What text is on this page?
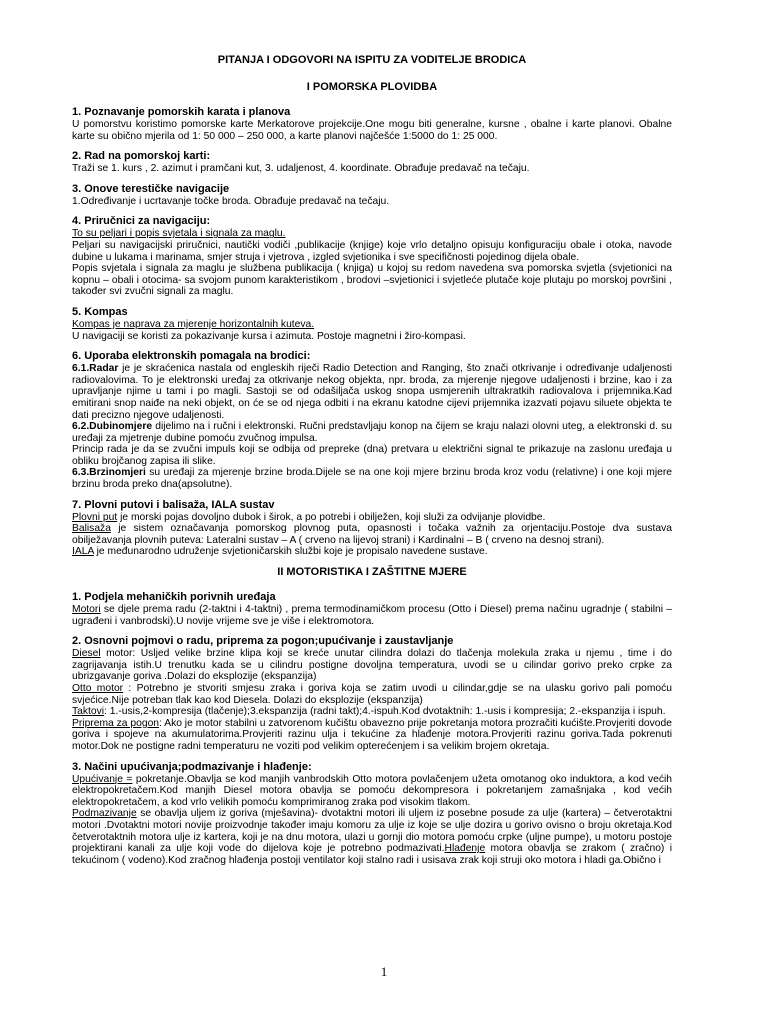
PITANJA I ODGOVORI NA ISPITU ZA VODITELJE BRODICA
I POMORSKA PLOVIDBA
1. Poznavanje pomorskih karata i planova

U pomorstvu koristimo pomorske karte Merkatorove projekcije.One mogu biti generalne, kursne , obalne i karte planovi. Obalne karte su obično mjerila od 1: 50 000 – 250 000, a karte planovi najčešće 1:5000 do 1: 25 000.

2. Rad na pomorskoj karti:

Traži se 1. kurs , 2. azimut i pramčani kut, 3. udaljenost, 4. koordinate. Obrađuje predavač na tečaju.

3. Onove terestičke navigacije

1.Određivanje i ucrtavanje točke broda. Obrađuje predavač na tečaju.

4. Priručnici za navigaciju:

To su peljari i popis svjetala i signala za maglu.

Peljari su navigacijski priručnici, nautički vodiči ,publikacije (knjige) koje vrlo detaljno opisuju konfiguraciju obale i otoka, navode dubine u lukama i marinama, smjer struja i vjetrova , izgled svjetionika i sve specifičnosti pojedinog dijela obale.

Popis svjetala i signala za maglu je službena publikacija ( knjiga) u kojoj su redom navedena sva pomorska svjetla (svjetionici na kopnu – obali i otocima- sa svojom punom karakteristikom , brodovi –svjetionici i svjetleće plutače koje plutaju po morskoj površini , također svi zvučni signali za maglu.

5. Kompas

Kompas je naprava za mjerenje horizontalnih kuteva.

U navigaciji se koristi za pokazivanje kursa i azimuta. Postoje magnetni i žiro-kompasi.

6. Uporaba elektronskih pomagala na brodici:

6.1.Radar je je skraćenica nastala od engleskih riječi Radio Detection and Ranging, što znači otkrivanje i određivanje udaljenosti radiovalovima. To je elektronski uređaj za otkrivanje nekog objekta, npr. broda, za mjerenje njegove udaljenosti i brzine, kao i za upravljanje njime u tami i po magli. Sastoji se od odašiljača uskog snopa usmjerenih ultrakratkih radiovalova i prijemnika.Kad emitirani snop naiđe na neki objekt, on će se od njega odbiti i na ekranu katodne cijevi prijemnika izazvati pojavu siluete objekta te dati precizno njegove udaljenosti.

6.2.Dubinomjere dijelimo na i ručni i elektronski. Ručni predstavljaju konop na čijem se kraju nalazi olovni uteg, a elektronski d. su uređaji za mjetrenje dubine pomoću zvučnog impulsa.

Princip rada je da se zvučni impuls koji se odbija od prepreke (dna) pretvara u električni signal te prikazuje na zaslonu uređaja u obliku brojčanog zapisa ili slike.

6.3.Brzinomjeri su uređaji za mjerenje brzine broda.Dijele se na one koji mjere brzinu broda kroz vodu (relativne) i one koji mjere brzinu broda preko dna(apsolutne).

7. Plovni putovi i balisaža, IALA sustav

Plovni put je morski pojas dovoljno dubok i širok, a po potrebi i obilježen, koji služi za odvijanje plovidbe.

Balisaža je sistem označavanja pomorskog plovnog puta, opasnosti i točaka važnih za orjentaciju.Postoje dva sustava obilježavanja plovnih puteva: Lateralni sustav – A ( crveno na lijevoj strani) i Kardinalni – B ( crveno na desnoj strani).

IALA je međunarodno udruženje svjetioničarskih službi koje je propisalo navedene sustave.

II MOTORISTIKA I ZAŠTITNE MJERE
1. Podjela mehaničkih porivnih uređaja

Motori se djele prema radu (2-taktni i 4-taktni) , prema termodinamičkom procesu (Otto i Diesel) prema načinu ugradnje ( stabilni – ugrađeni i vanbrodski).U novije vrijeme sve je više i elektromotora.

2. Osnovni pojmovi o radu, priprema za pogon;upućivanje i zaustavljanje

Diesel motor: Usljed velike brzine klipa koji se kreće unutar cilindra dolazi do tlačenja molekula zraka u njemu , time i do zagrijavanja istih.U trenutku kada se u cilindru postigne dovoljna temperatura, uvodi se u cilindar gorivo preko crpke za ubrizgavanje goriva .Dolazi do eksplozije (ekspanzija)

Otto motor : Potrebno je stvoriti smjesu zraka i goriva koja se zatim uvodi u cilindar,gdje se na ulasku gorivo pali pomoću svjećice.Nije potreban tlak kao kod Diesela. Dolazi do eksplozije (ekspanzija)

Taktovi: 1.-usis,2-kompresija (tlačenje);3.ekspanzija (radni takt);4.-ispuh.Kod dvotaktnih: 1.-usis i kompresija; 2.-ekspanzija i ispuh.

Priprema za pogon: Ako je motor stabilni u zatvorenom kučištu obavezno prije pokretanja motora prozračiti kućište.Provjeriti dovode goriva i spojeve na akumulatorima.Provjeriti razinu ulja i tekućine za hlađenje motora.Provjeriti razinu goriva.Tada pokrenuti motor.Dok ne postigne radni temperaturu ne voziti pod velikim opterećenjem i sa velikim brojem okretaja.

3. Načini upućivanja;podmazivanje i hlađenje:

Upućivanje = pokretanje.Obavlja se kod manjih vanbrodskih Otto motora povlačenjem užeta omotanog oko induktora, a kod većih elektropokretačem.Kod manjih Diesel motora obavlja se pomoću dekompresora i pokretanjem zamašnjaka , kod većih elektropokretačem, a kod vrlo velikih pomoću komprimiranog zraka pod visokim tlakom.

Podmazivanje se obavlja uljem iz goriva (mješavina)- dvotaktni motori ili uljem iz posebne posude za ulje (kartera) – četverotaktni motori .Dvotaktni motori novije proizvodnje također imaju komoru za ulje iz koje se ulje dozira u gorivo ovisno o broju okretaja.Kod četverotaktnih motora ulje iz kartera, koji je na dnu motora, ulazi u gornji dio motora pomoću crpke (uljne pumpe), u motoru postoje projektirani kanali za ulje koji vode do dijelova koje je potrebno podmazivati.Hlađenje motora obavlja se zrakom ( zračno) i tekućinom ( vodeno).Kod zračnog hlađenja postoji ventilator koji stalno radi i usisava zrak koji struji oko motora i hladi ga.Obično i

1
